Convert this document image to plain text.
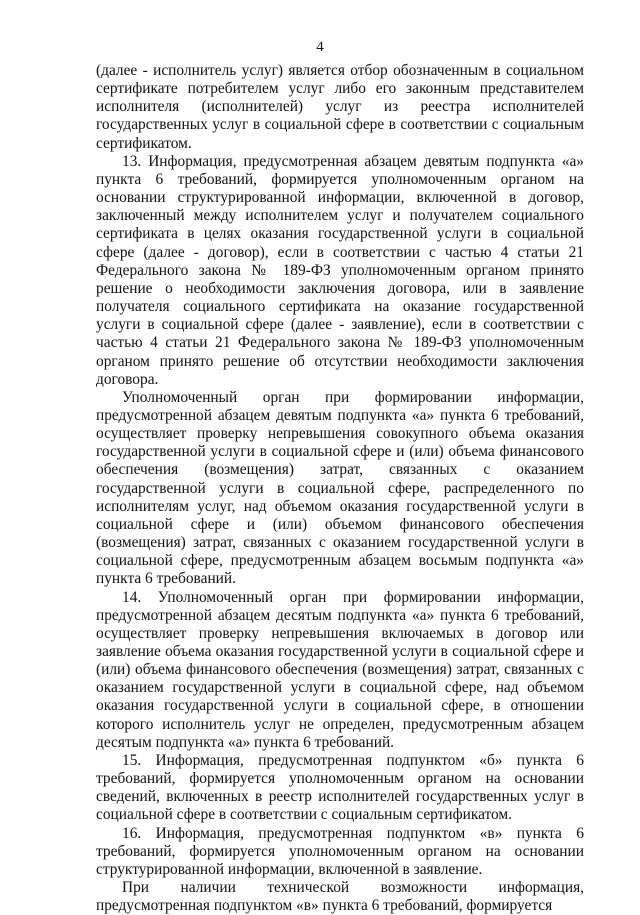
4

(далее - исполнитель услуг) является отбор обозначенным в социальном сертификате потребителем услуг либо его законным представителем исполнителя (исполнителей) услуг из реестра исполнителей государственных услуг в социальной сфере в соответствии с социальным сертификатом.

13. Информация, предусмотренная абзацем девятым подпункта «а» пункта 6 требований, формируется уполномоченным органом на основании структурированной информации, включенной в договор, заключенный между исполнителем услуг и получателем социального сертификата в целях оказания государственной услуги в социальной сфере (далее - договор), если в соответствии с частью 4 статьи 21 Федерального закона № 189-ФЗ уполномоченным органом принято решение о необходимости заключения договора, или в заявление получателя социального сертификата на оказание государственной услуги в социальной сфере (далее - заявление), если в соответствии с частью 4 статьи 21 Федерального закона № 189-ФЗ уполномоченным органом принято решение об отсутствии необходимости заключения договора.

Уполномоченный орган при формировании информации, предусмотренной абзацем девятым подпункта «а» пункта 6 требований, осуществляет проверку непревышения совокупного объема оказания государственной услуги в социальной сфере и (или) объема финансового обеспечения (возмещения) затрат, связанных с оказанием государственной услуги в социальной сфере, распределенного по исполнителям услуг, над объемом оказания государственной услуги в социальной сфере и (или) объемом финансового обеспечения (возмещения) затрат, связанных с оказанием государственной услуги в социальной сфере, предусмотренным абзацем восьмым подпункта «а» пункта 6 требований.

14. Уполномоченный орган при формировании информации, предусмотренной абзацем десятым подпункта «а» пункта 6 требований, осуществляет проверку непревышения включаемых в договор или заявление объема оказания государственной услуги в социальной сфере и (или) объема финансового обеспечения (возмещения) затрат, связанных с оказанием государственной услуги в социальной сфере, над объемом оказания государственной услуги в социальной сфере, в отношении которого исполнитель услуг не определен, предусмотренным абзацем десятым подпункта «а» пункта 6 требований.

15. Информация, предусмотренная подпунктом «б» пункта 6 требований, формируется уполномоченным органом на основании сведений, включенных в реестр исполнителей государственных услуг в социальной сфере в соответствии с социальным сертификатом.

16. Информация, предусмотренная подпунктом «в» пункта 6 требований, формируется уполномоченным органом на основании структурированной информации, включенной в заявление.

При наличии технической возможности информация, предусмотренная подпунктом «в» пункта 6 требований, формируется
